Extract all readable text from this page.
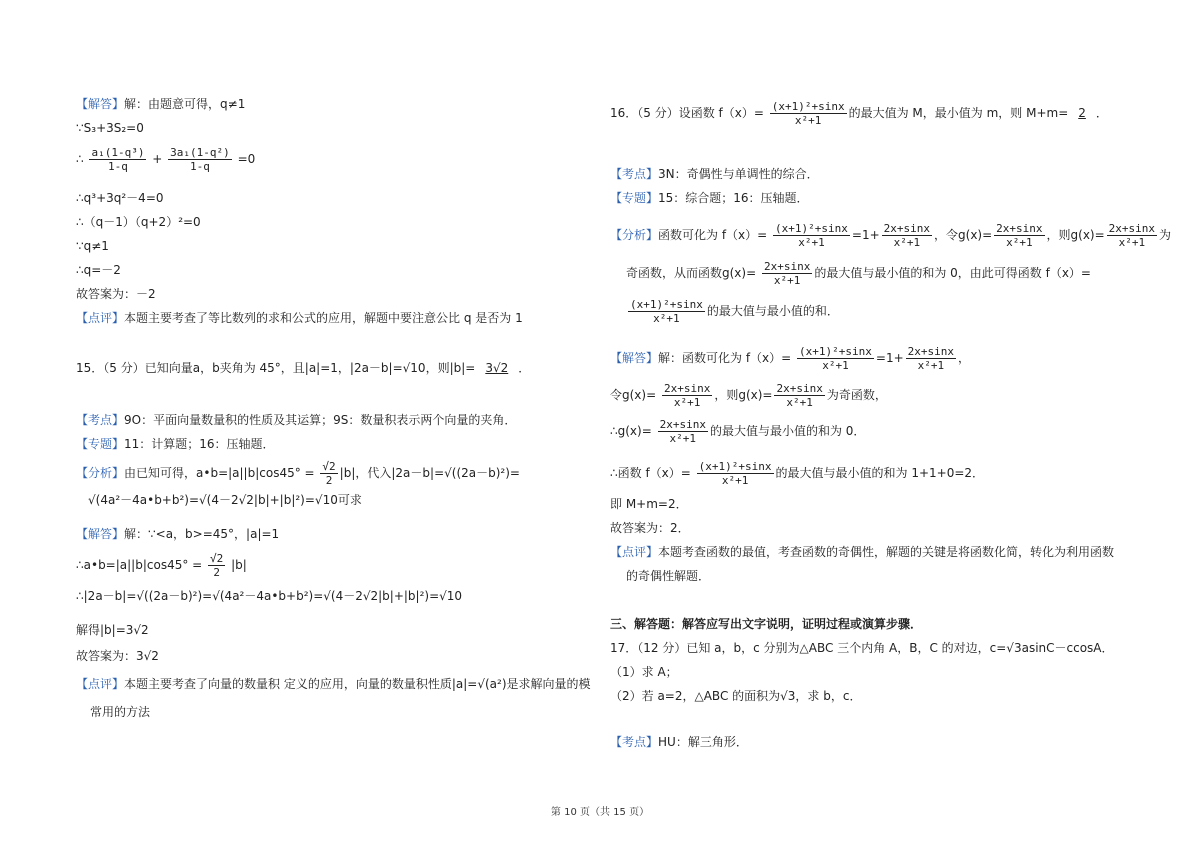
【解答】解：由题意可得，q≠1
∵S₃+3S₂=0
∴ $\frac{\text{a₁(1-q³)}}{1-q} + \frac{\text{3a₁(1-q²)}}{1-q} =0$
∴q³+3q²－4=0
∴（q－1）（q+2）²=0
∵q≠1
∴q=－2
故答案为：－2
【点评】本题主要考查了等比数列的求和公式的应用，解题中要注意公比 q 是否为 1
15．（5 分）已知向量a，b夹角为 45°，且|a|=1，|2a－b|=√10，则|b|= 3√2 ．
【考点】9O：平面向量数量积的性质及其运算；9S：数量积表示两个向量的夹角．
【专题】11：计算题；16：压轴题．
【分析】由已知可得，a•b=|a||b|cos45° = $\frac{√2}{2} |b|$，代入|2a－b|=√((2a－b)²)=
√(4a²－4a•b+b²)=√(4－2√2|b|+|b|²)=√10可求
【解答】解：∵<a，b>=45°，|a|=1
∴a•b=|a||b|cos45° = $\frac{√2}{2} |b|$
∴|2a－b|=√((2a－b)²)=√(4a²－4a•b+b²)=√(4－2√2|b|+|b|²)=√10
解得|b|=3√2
故答案为：3√2
【点评】本题主要考查了向量的数量积 定义的应用，向量的数量积性质|a|=√(a²)是求解向量的模
常用的方法
16．（5 分）设函数 $f(x)= \frac{\text{(x+1)²+sinx}}{\text{x²+1}}$ 的最大值为 M，最小值为 m，则 M+m= 2 ．
【考点】3N：奇偶性与单调性的综合．
【专题】15：综合题；16：压轴题．
【分析】函数可化为 $f(x)= \frac{\text{(x+1)²+sinx}}{\text{x²+1}} =1+ \frac{2x+\sin x}{\text{x²+1}}$ ，令$g(x)= \frac{2x+\sin x}{\text{x²+1}}$ ，则$g(x)= \frac{2x+\sin x}{\text{x²+1}}$ 为
奇函数，从而函数$g(x)= \frac{2x+\sin x}{\text{x²+1}}$ 的最大值与最小值的和为 0，由此可得函数 f（x）=
$\frac{\text{(x+1)²+sinx}}{\text{x²+1}}$ 的最大值与最小值的和．
【解答】解：函数可化为 $f(x)= \frac{\text{(x+1)²+sinx}}{\text{x²+1}} =1+ \frac{2x+\sin x}{\text{x²+1}}$ ，
令$g(x)= \frac{2x+\sin x}{\text{x²+1}}$ ，则$g(x)= \frac{2x+\sin x}{\text{x²+1}}$ 为奇函数，
∴g(x)= $\frac{2x+\sin x}{\text{x²+1}}$ 的最大值与最小值的和为 0．
∴函数 $f(x)= \frac{\text{(x+1)²+sinx}}{\text{x²+1}}$ 的最大值与最小值的和为 1+1+0=2．
即 M+m=2．
故答案为：2．
【点评】本题考查函数的最值，考查函数的奇偶性，解题的关键是将函数化简，转化为利用函数
的奇偶性解题．
三、解答题：解答应写出文字说明，证明过程或演算步骤．
17．（12 分）已知 a，b，c 分别为△ABC 三个内角 A，B，C 的对边，c=√3asinC－ccosA．
（1）求 A；
（2）若 a=2，△ABC 的面积为√3，求 b，c．
【考点】HU：解三角形．
第 10 页（共 15 页）
